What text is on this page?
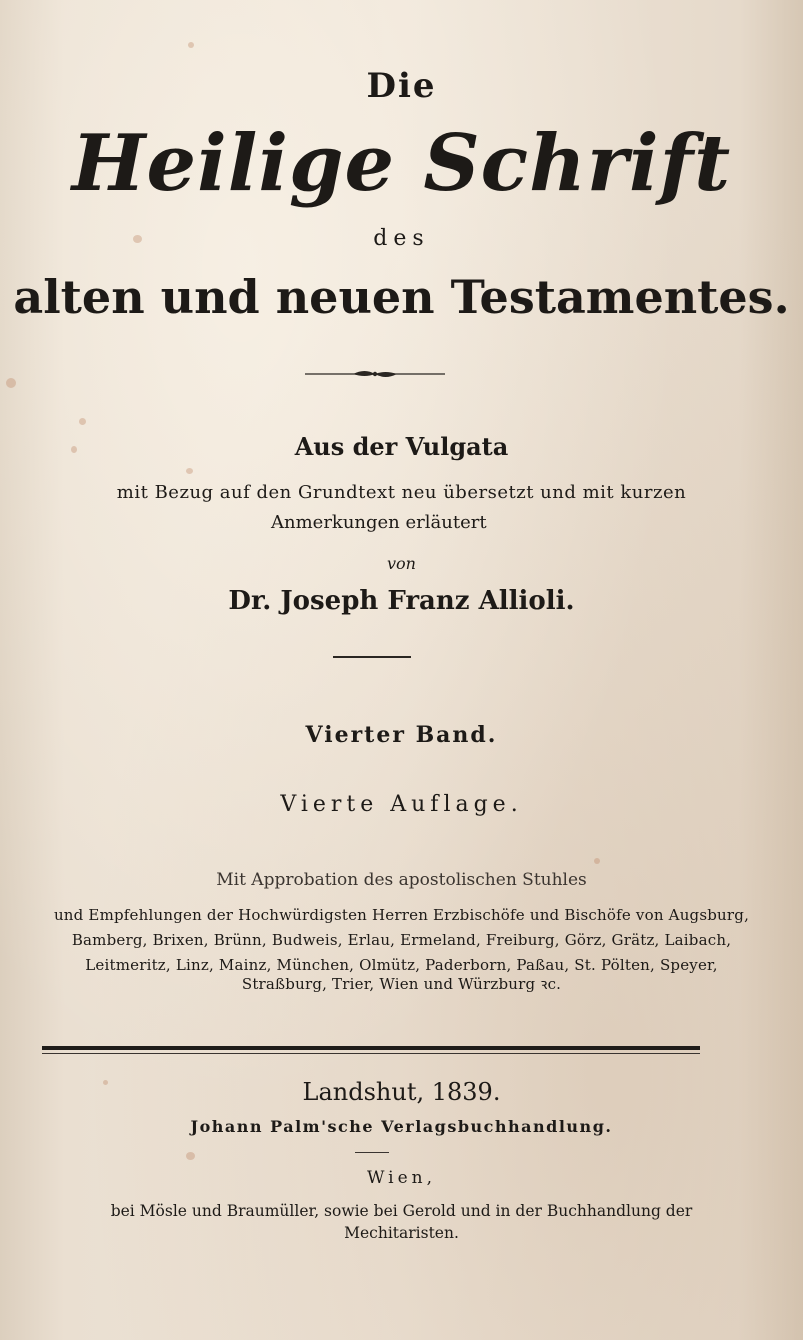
Die

Heilige Schrift

des

alten und neuen Testamentes.

Aus der Vulgata

mit Bezug auf den Grundtext neu übersetzt und mit kurzen

Anmerkungen erläutert

von

Dr. Joseph Franz Allioli.

Vierter Band.

Vierte Auflage.

Mit Approbation des apostolischen Stuhles

und Empfehlungen der Hochwürdigsten Herren Erzbischöfe und Bischöfe von Augsburg,

Bamberg, Brixen, Brünn, Budweis, Erlau, Ermeland, Freiburg, Görz, Grätz, Laibach,

Leitmeritz, Linz, Mainz, München, Olmütz, Paderborn, Paßau, St. Pölten, Speyer,

Straßburg, Trier, Wien und Würzburg ꝛc.

Landshut, 1839.

Johann Palm'sche Verlagsbuchhandlung.

Wien,

bei Mösle und Braumüller, sowie bei Gerold und in der Buchhandlung der

Mechitaristen.
